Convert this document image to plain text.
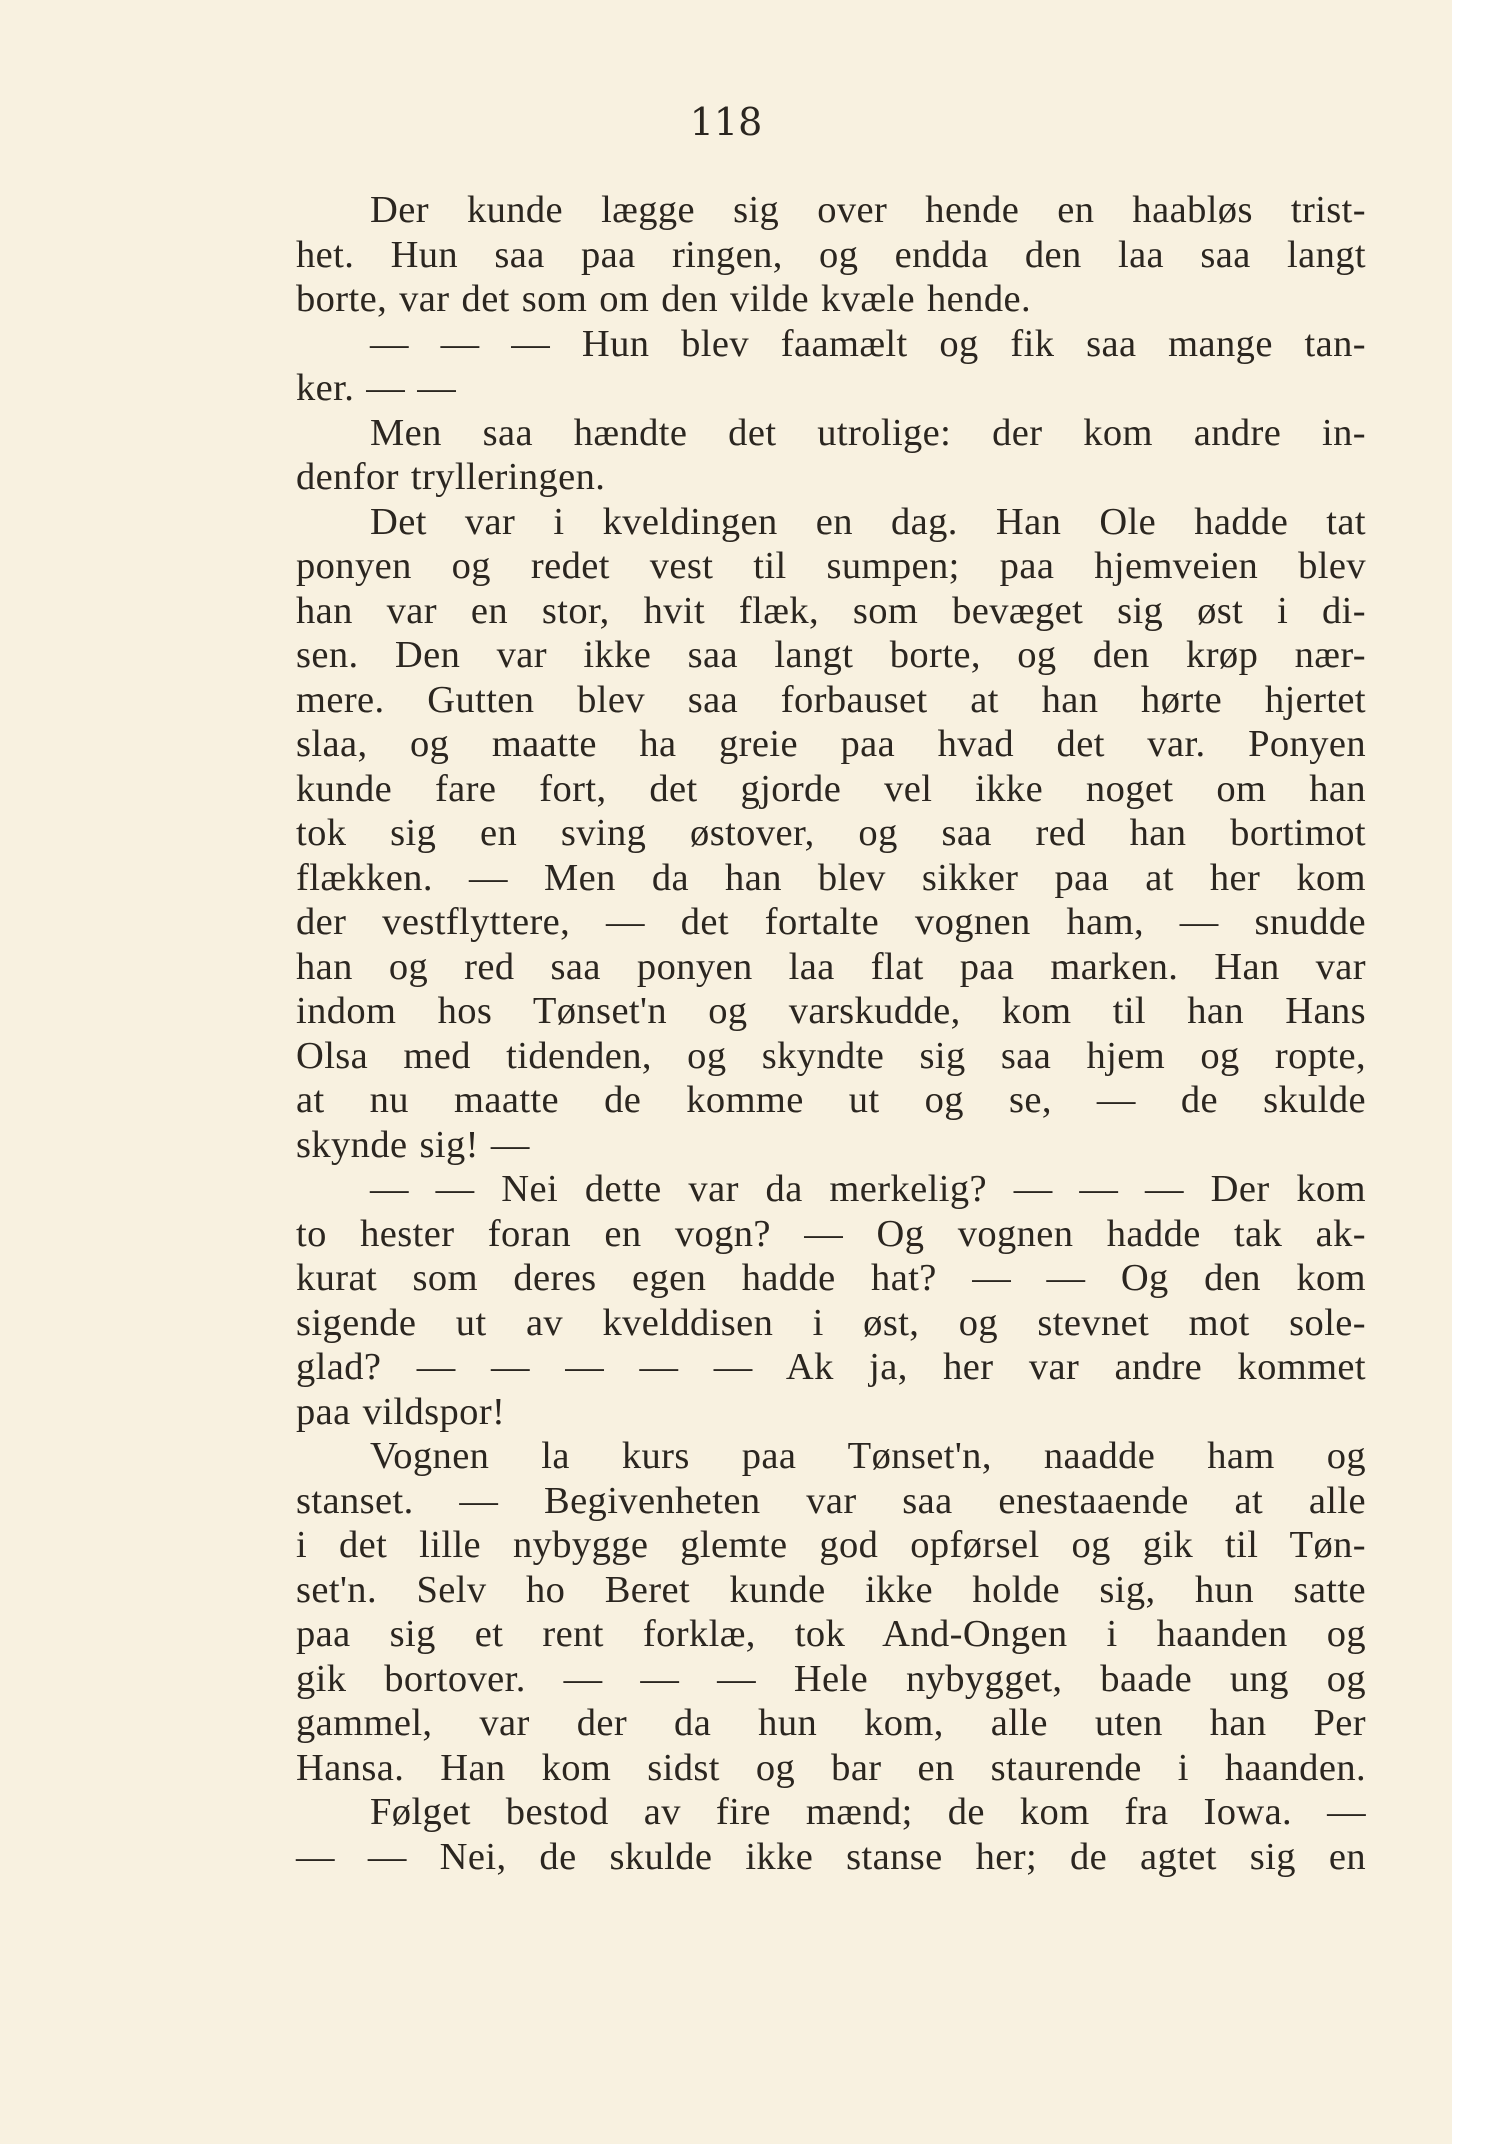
118

Der kunde lægge sig over hende en haabløs trist-
het. Hun saa paa ringen, og endda den laa saa langt
borte, var det som om den vilde kvæle hende.
— — — Hun blev faamælt og fik saa mange tan-
ker. — —
Men saa hændte det utrolige: der kom andre in-
denfor trylleringen.
Det var i kveldingen en dag. Han Ole hadde tat
ponyen og redet vest til sumpen; paa hjemveien blev
han var en stor, hvit flæk, som bevæget sig øst i di-
sen. Den var ikke saa langt borte, og den krøp nær-
mere. Gutten blev saa forbauset at han hørte hjertet
slaa, og maatte ha greie paa hvad det var. Ponyen
kunde fare fort, det gjorde vel ikke noget om han
tok sig en sving østover, og saa red han bortimot
flækken. — Men da han blev sikker paa at her kom
der vestflyttere, — det fortalte vognen ham, — snudde
han og red saa ponyen laa flat paa marken. Han var
indom hos Tønset'n og varskudde, kom til han Hans
Olsa med tidenden, og skyndte sig saa hjem og ropte,
at nu maatte de komme ut og se, — de skulde
skynde sig! —
— — Nei dette var da merkelig? — — — Der kom
to hester foran en vogn? — Og vognen hadde tak ak-
kurat som deres egen hadde hat? — — Og den kom
sigende ut av kvelddisen i øst, og stevnet mot sole-
glad? — — — — — Ak ja, her var andre kommet
paa vildspor!
Vognen la kurs paa Tønset'n, naadde ham og
stanset. — Begivenheten var saa enestaaende at alle
i det lille nybygge glemte god opførsel og gik til Tøn-
set'n. Selv ho Beret kunde ikke holde sig, hun satte
paa sig et rent forklæ, tok And-Ongen i haanden og
gik bortover. — — — Hele nybygget, baade ung og
gammel, var der da hun kom, alle uten han Per
Hansa. Han kom sidst og bar en staurende i haanden.
Følget bestod av fire mænd; de kom fra Iowa. —
— — Nei, de skulde ikke stanse her; de agtet sig en
